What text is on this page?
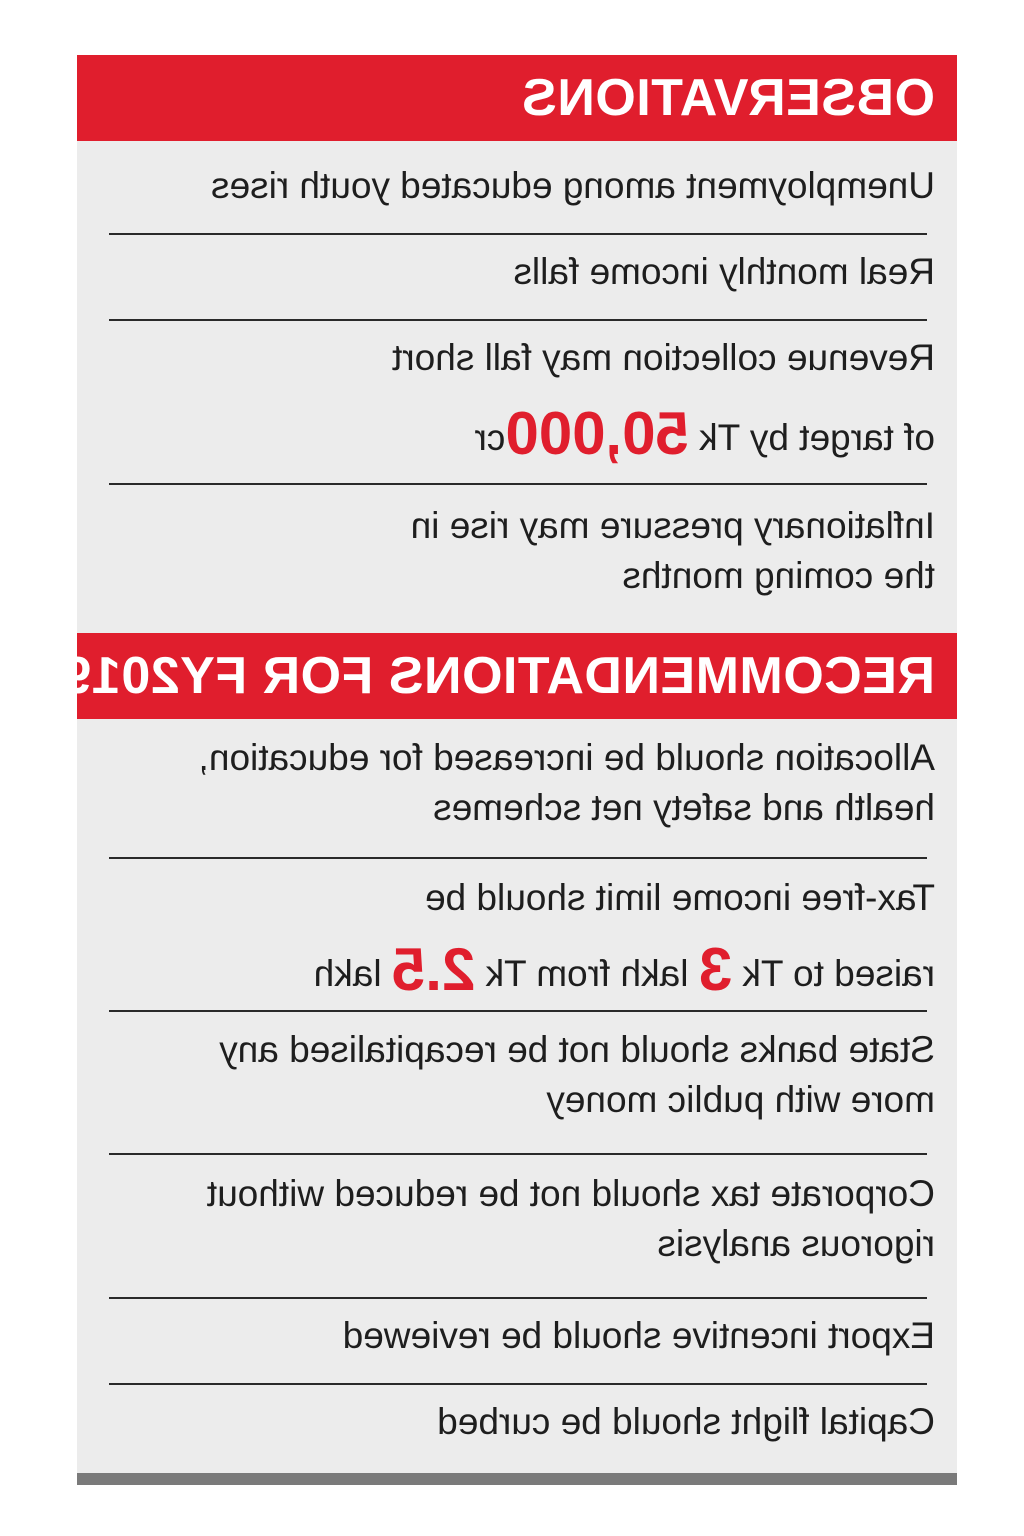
OBSERVATIONS
Unemployment among educated youth rises
Real monthly income falls
Revenue collection may fall short
of target by Tk 50,000cr
Inflationary pressure may rise in
the coming months
RECOMMENDATIONS FOR FY2019
Allocation should be increased for education,
health and safety net schemes
Tax-free income limit should be
raised to Tk 3 lakh from Tk 2.5 lakh
State banks should not be recapitalised any
more with public money
Corporate tax should not be reduced without
rigorous analysis
Export incentive should be reviewed
Capital flight should be curbed
